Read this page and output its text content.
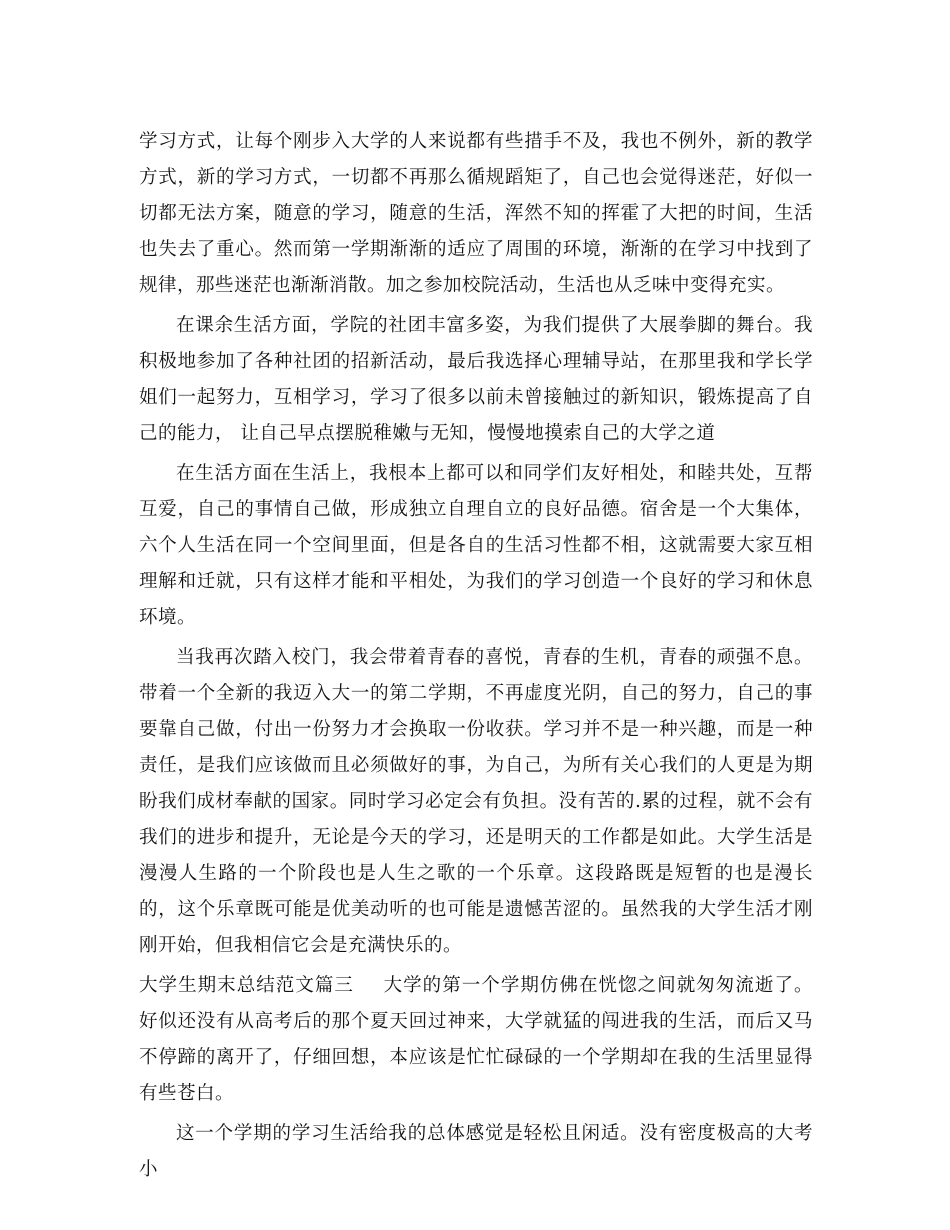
学习方式，让每个刚步入大学的人来说都有些措手不及，我也不例外，新的教学方式，新的学习方式，一切都不再那么循规蹈矩了，自己也会觉得迷茫，好似一切都无法方案，随意的学习，随意的生活，浑然不知的挥霍了大把的时间，生活也失去了重心。然而第一学期渐渐的适应了周围的环境，渐渐的在学习中找到了规律，那些迷茫也渐渐消散。加之参加校院活动，生活也从乏味中变得充实。

在课余生活方面，学院的社团丰富多姿，为我们提供了大展拳脚的舞台。我积极地参加了各种社团的招新活动，最后我选择心理辅导站，在那里我和学长学姐们一起努力，互相学习，学习了很多以前未曾接触过的新知识，锻炼提高了自己的能力， 让自己早点摆脱稚嫩与无知，慢慢地摸索自己的大学之道

在生活方面在生活上，我根本上都可以和同学们友好相处，和睦共处，互帮互爱，自己的事情自己做，形成独立自理自立的良好品德。宿舍是一个大集体，六个人生活在同一个空间里面，但是各自的生活习性都不相，这就需要大家互相理解和迁就，只有这样才能和平相处，为我们的学习创造一个良好的学习和休息环境。

当我再次踏入校门，我会带着青春的喜悦，青春的生机，青春的顽强不息。带着一个全新的我迈入大一的第二学期，不再虚度光阴，自己的努力，自己的事要靠自己做，付出一份努力才会换取一份收获。学习并不是一种兴趣，而是一种责任，是我们应该做而且必须做好的事，为自己，为所有关心我们的人更是为期盼我们成材奉献的国家。同时学习必定会有负担。没有苦的.累的过程，就不会有我们的进步和提升，无论是今天的学习，还是明天的工作都是如此。大学生活是漫漫人生路的一个阶段也是人生之歌的一个乐章。这段路既是短暂的也是漫长的，这个乐章既可能是优美动听的也可能是遗憾苦涩的。虽然我的大学生活才刚刚开始，但我相信它会是充满快乐的。

大学生期末总结范文篇三 大学的第一个学期仿佛在恍惚之间就匆匆流逝了。好似还没有从高考后的那个夏天回过神来，大学就猛的闯进我的生活，而后又马不停蹄的离开了，仔细回想，本应该是忙忙碌碌的一个学期却在我的生活里显得有些苍白。

这一个学期的学习生活给我的总体感觉是轻松且闲适。没有密度极高的大考小
